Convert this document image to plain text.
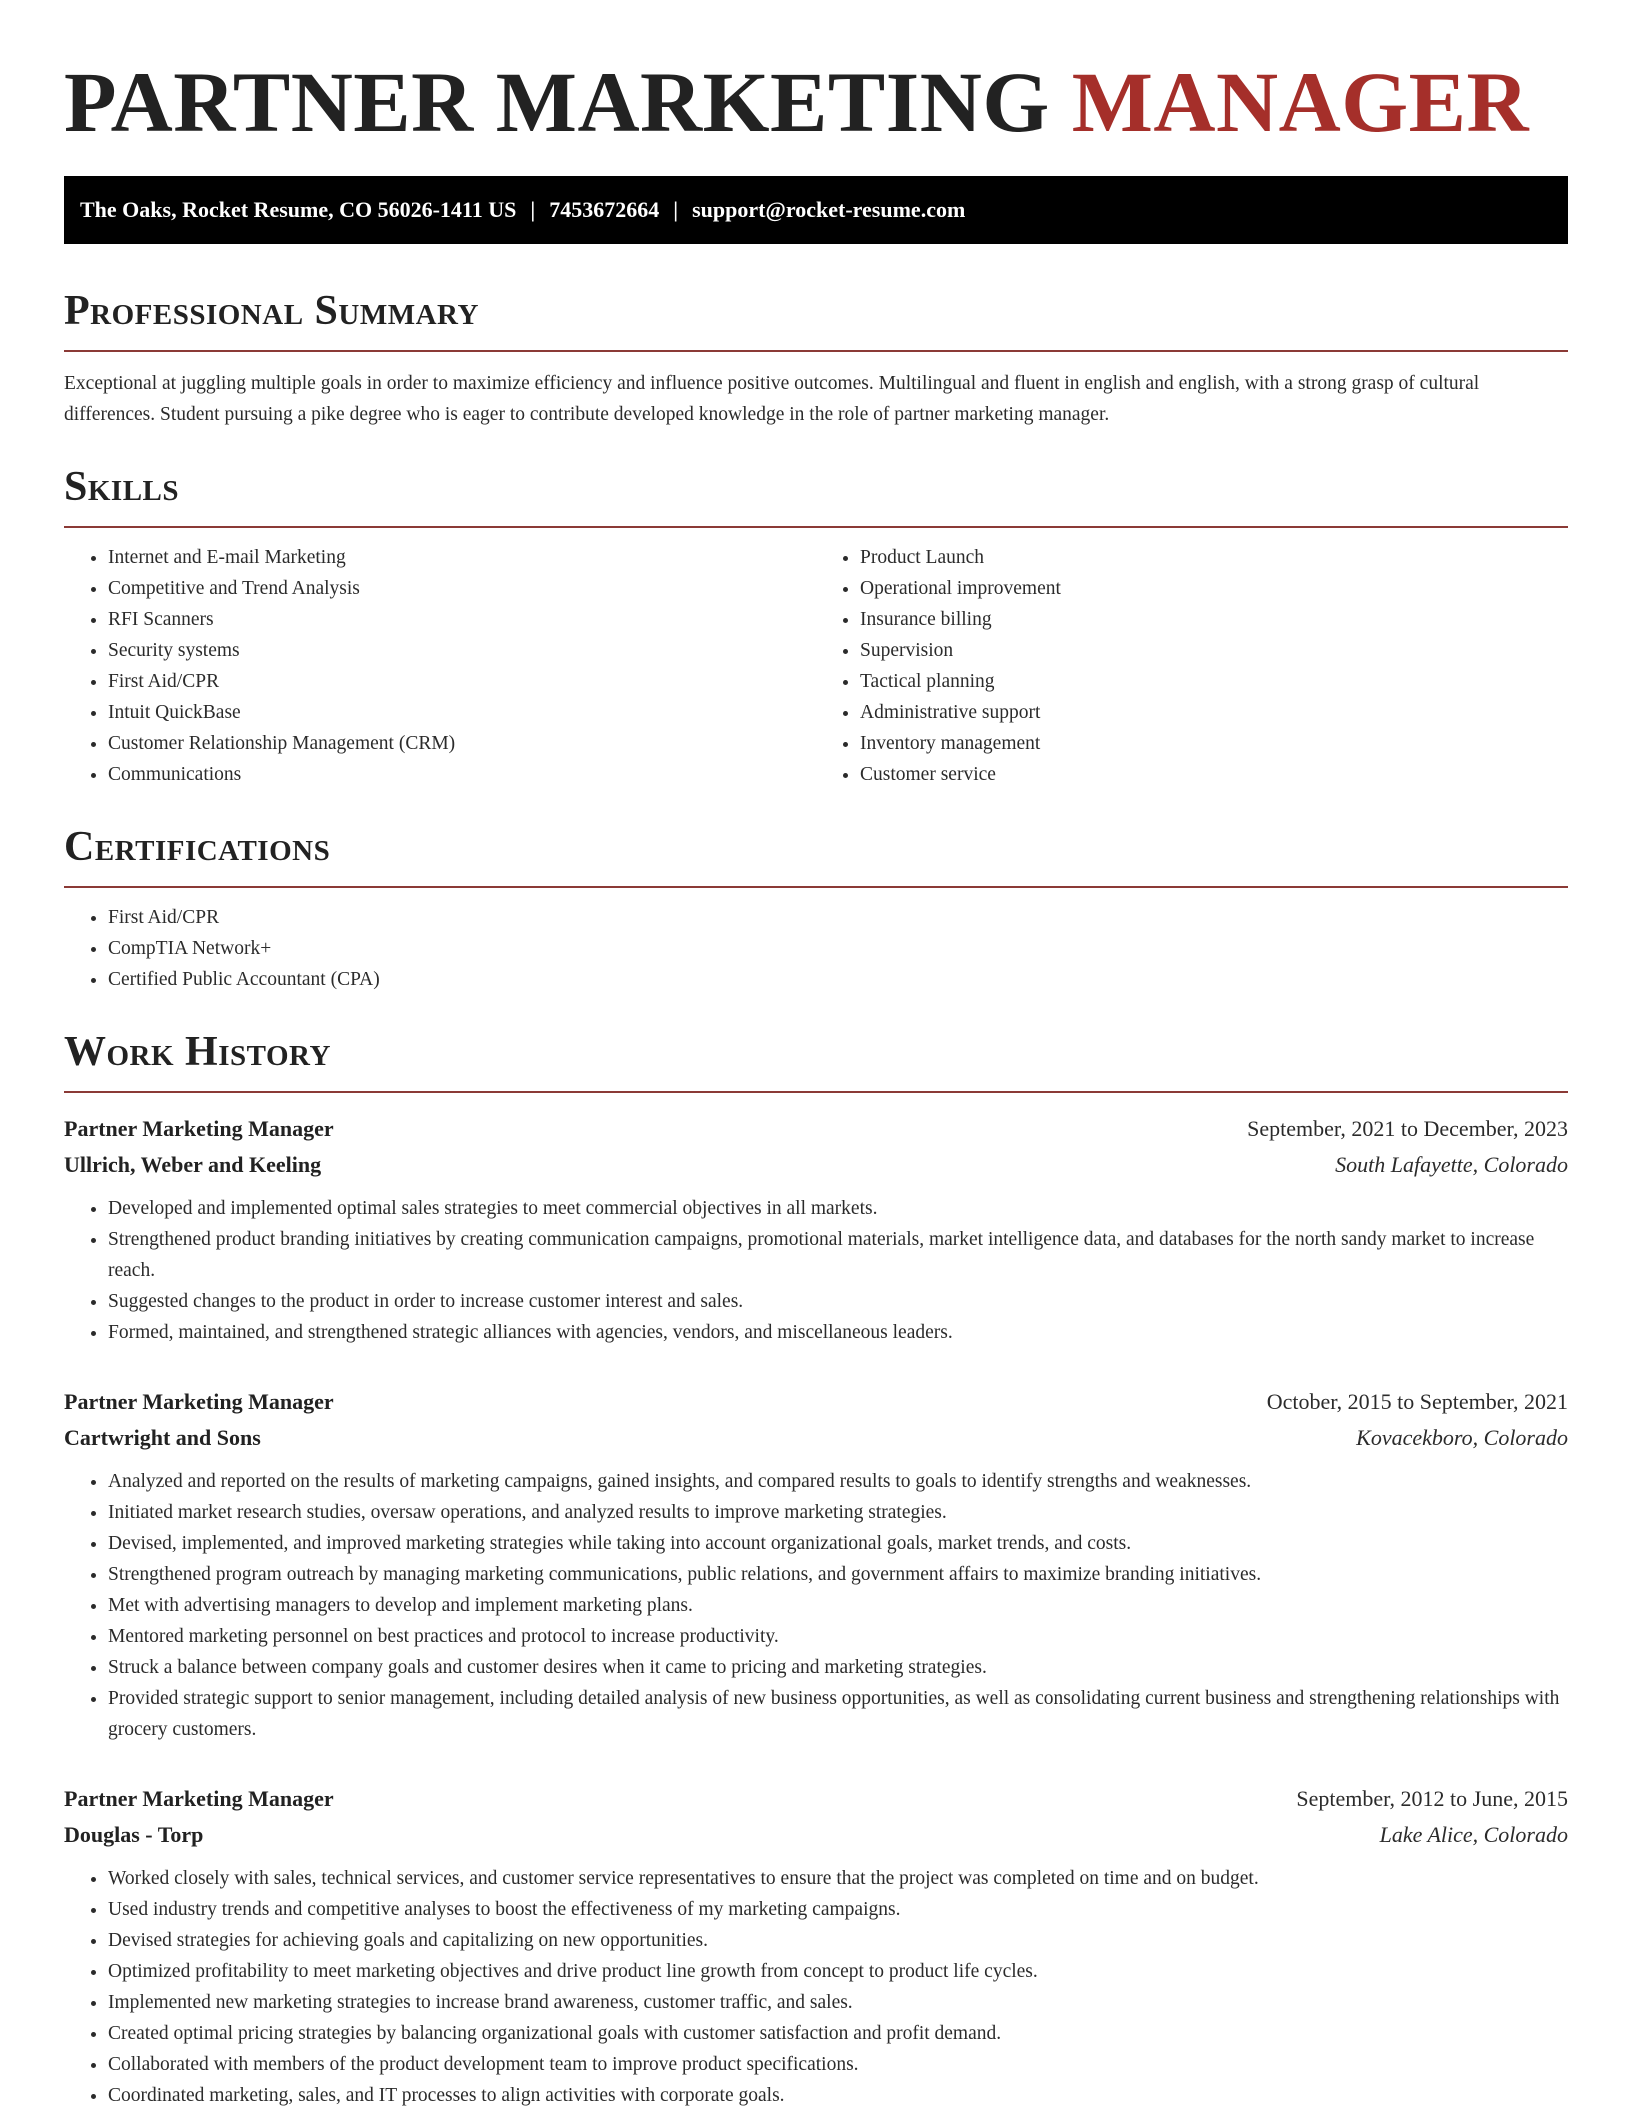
PARTNER MARKETING MANAGER
The Oaks, Rocket Resume, CO 56026-1411 US | 7453672664 | support@rocket-resume.com
Professional Summary

Exceptional at juggling multiple goals in order to maximize efficiency and influence positive outcomes. Multilingual and fluent in english and english, with a strong grasp of cultural differences. Student pursuing a pike degree who is eager to contribute developed knowledge in the role of partner marketing manager.

Skills
• Internet and E-mail Marketing
• Competitive and Trend Analysis
• RFI Scanners
• Security systems
• First Aid/CPR
• Intuit QuickBase
• Customer Relationship Management (CRM)
• Communications
• Product Launch
• Operational improvement
• Insurance billing
• Supervision
• Tactical planning
• Administrative support
• Inventory management
• Customer service
Certifications
• First Aid/CPR
• CompTIA Network+
• Certified Public Accountant (CPA)
Work History
Partner Marketing Manager	September, 2021 to December, 2023
Ullrich, Weber and Keeling	South Lafayette, Colorado
• Developed and implemented optimal sales strategies to meet commercial objectives in all markets.
• Strengthened product branding initiatives by creating communication campaigns, promotional materials, market intelligence data, and databases for the north sandy market to increase reach.
• Suggested changes to the product in order to increase customer interest and sales.
• Formed, maintained, and strengthened strategic alliances with agencies, vendors, and miscellaneous leaders.
Partner Marketing Manager	October, 2015 to September, 2021
Cartwright and Sons	Kovacekboro, Colorado
• Analyzed and reported on the results of marketing campaigns, gained insights, and compared results to goals to identify strengths and weaknesses.
• Initiated market research studies, oversaw operations, and analyzed results to improve marketing strategies.
• Devised, implemented, and improved marketing strategies while taking into account organizational goals, market trends, and costs.
• Strengthened program outreach by managing marketing communications, public relations, and government affairs to maximize branding initiatives.
• Met with advertising managers to develop and implement marketing plans.
• Mentored marketing personnel on best practices and protocol to increase productivity.
• Struck a balance between company goals and customer desires when it came to pricing and marketing strategies.
• Provided strategic support to senior management, including detailed analysis of new business opportunities, as well as consolidating current business and strengthening relationships with grocery customers.
Partner Marketing Manager	September, 2012 to June, 2015
Douglas - Torp	Lake Alice, Colorado
• Worked closely with sales, technical services, and customer service representatives to ensure that the project was completed on time and on budget.
• Used industry trends and competitive analyses to boost the effectiveness of my marketing campaigns.
• Devised strategies for achieving goals and capitalizing on new opportunities.
• Optimized profitability to meet marketing objectives and drive product line growth from concept to product life cycles.
• Implemented new marketing strategies to increase brand awareness, customer traffic, and sales.
• Created optimal pricing strategies by balancing organizational goals with customer satisfaction and profit demand.
• Collaborated with members of the product development team to improve product specifications.
• Coordinated marketing, sales, and IT processes to align activities with corporate goals.
